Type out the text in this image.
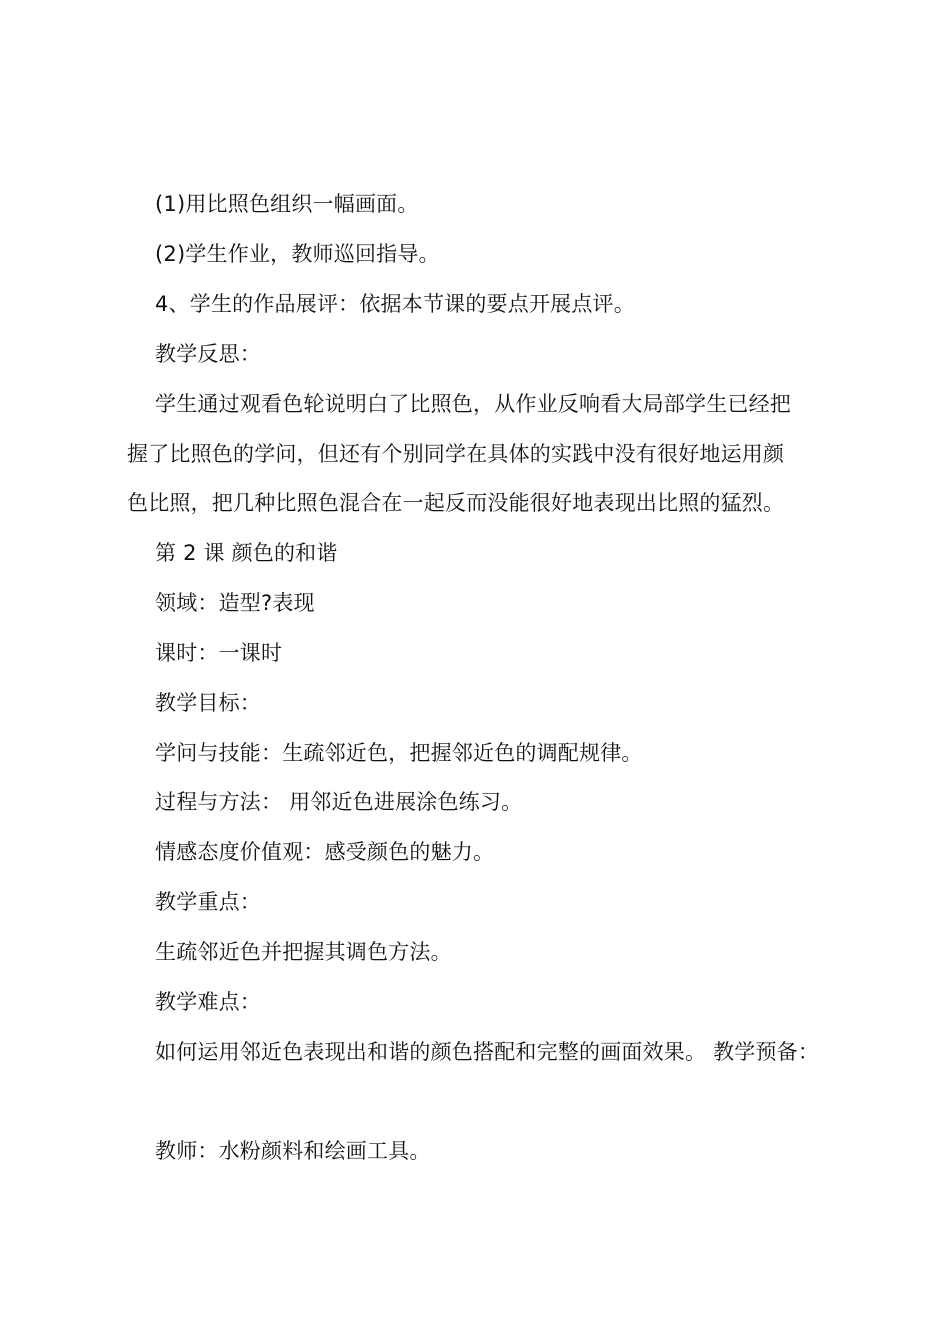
(1)用比照色组织一幅画面。
(2)学生作业，教师巡回指导。
4、学生的作品展评：依据本节课的要点开展点评。
教学反思：
学生通过观看色轮说明白了比照色，从作业反响看大局部学生已经把
握了比照色的学问，但还有个别同学在具体的实践中没有很好地运用颜
色比照，把几种比照色混合在一起反而没能很好地表现出比照的猛烈。
第 2 课 颜色的和谐
领域：造型?表现
课时：一课时
教学目标：
学问与技能：生疏邻近色，把握邻近色的调配规律。
过程与方法： 用邻近色进展涂色练习。
情感态度价值观：感受颜色的魅力。
教学重点：
生疏邻近色并把握其调色方法。
教学难点：
如何运用邻近色表现出和谐的颜色搭配和完整的画面效果。 教学预备：
教师：水粉颜料和绘画工具。
